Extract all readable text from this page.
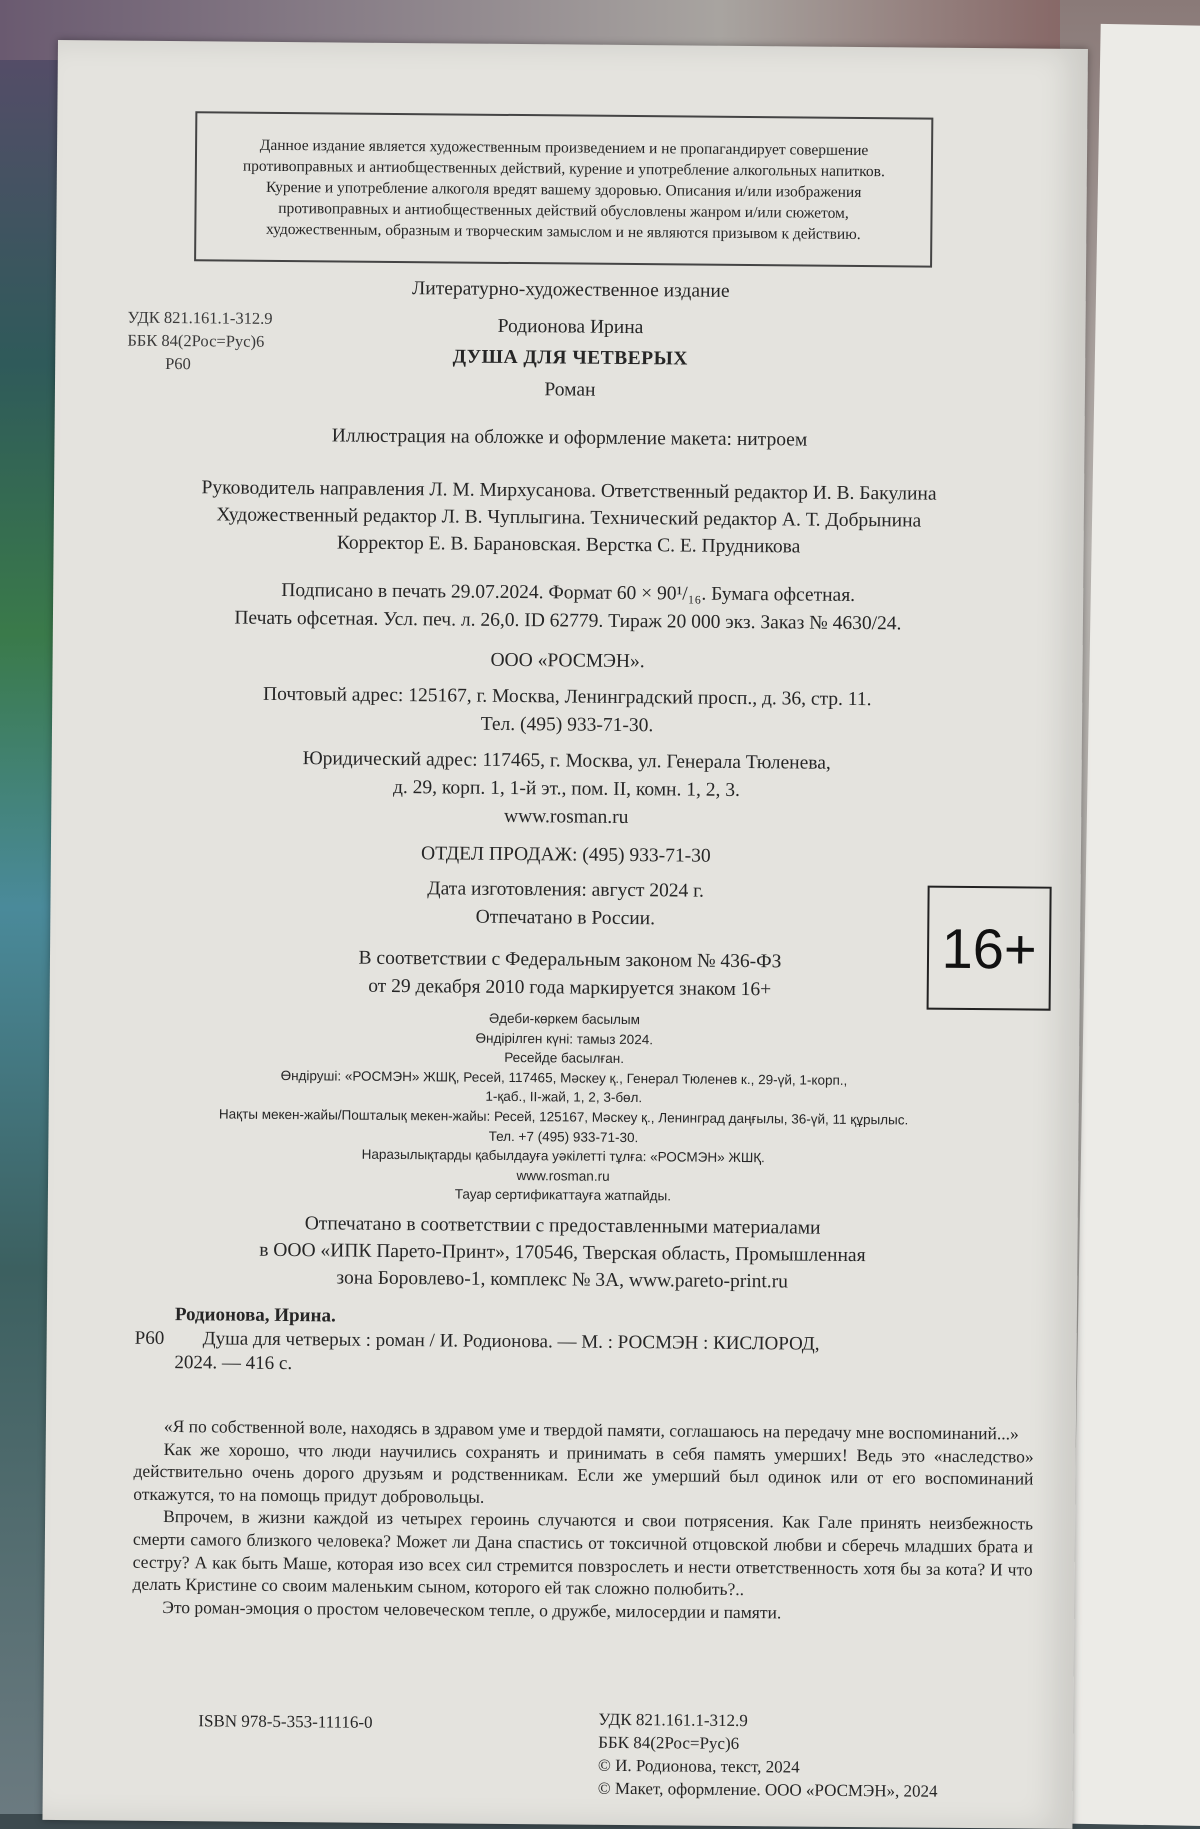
Данное издание является художественным произведением и не пропагандирует совершение
противоправных и антиобщественных действий, курение и употребление алкогольных напитков.
Курение и употребление алкоголя вредят вашему здоровью. Описания и/или изображения
противоправных и антиобщественных действий обусловлены жанром и/или сюжетом,
художественным, образным и творческим замыслом и не являются призывом к действию.
Литературно-художественное издание
УДК 821.161.1-312.9
ББК 84(2Рос=Рус)6
Р60
Родионова Ирина
ДУША ДЛЯ ЧЕТВЕРЫХ
Роман
Иллюстрация на обложке и оформление макета: нитроем
Руководитель направления Л. М. Мирхусанова. Ответственный редактор И. В. Бакулина
Художественный редактор Л. В. Чуплыгина. Технический редактор А. Т. Добрынина
Корректор Е. В. Барановская. Верстка С. Е. Прудникова
Подписано в печать 29.07.2024. Формат 60 × 90¹/₁₆. Бумага офсетная.
Печать офсетная. Усл. печ. л. 26,0. ID 62779. Тираж 20 000 экз. Заказ № 4630/24.
ООО «РОСМЭН».
Почтовый адрес: 125167, г. Москва, Ленинградский просп., д. 36, стр. 11.
Тел. (495) 933-71-30.
Юридический адрес: 117465, г. Москва, ул. Генерала Тюленева,
д. 29, корп. 1, 1-й эт., пом. II, комн. 1, 2, 3.
www.rosman.ru
ОТДЕЛ ПРОДАЖ: (495) 933-71-30
Дата изготовления: август 2024 г.
Отпечатано в России.
В соответствии с Федеральным законом № 436-ФЗ
от 29 декабря 2010 года маркируется знаком 16+
16+
Әдеби-көркем басылым
Өндірілген күні: тамыз 2024.
Ресейде басылған.
Өндіруші: «РОСМЭН» ЖШҚ, Ресей, 117465, Мәскеу қ., Генерал Тюленев к., 29-үй, 1-корп.,
1-қаб., II-жай, 1, 2, 3-бөл.
Нақты мекен-жайы/Пошталық мекен-жайы: Ресей, 125167, Мәскеу қ., Ленинград даңғылы, 36-үй, 11 құрылыс.
Тел. +7 (495) 933-71-30.
Наразылықтарды қабылдауға уәкілетті тұлға: «РОСМЭН» ЖШҚ.
www.rosman.ru
Тауар сертификаттауға жатпайды.
Отпечатано в соответствии с предоставленными материалами
в ООО «ИПК Парето-Принт», 170546, Тверская область, Промышленная
зона Боровлево-1, комплекс № 3А, www.pareto-print.ru
Родионова, Ирина.
Р60 Душа для четверых : роман / И. Родионова. — М. : РОСМЭН : КИСЛОРОД,
2024. — 416 с.

«Я по собственной воле, находясь в здравом уме и твердой памяти, соглашаюсь на передачу мне воспоминаний...»

Как же хорошо, что люди научились сохранять и принимать в себя память умерших! Ведь это «наследство» действительно очень дорого друзьям и родственникам. Если же умерший был одинок или от его воспоминаний откажутся, то на помощь придут добровольцы.

Впрочем, в жизни каждой из четырех героинь случаются и свои потрясения. Как Гале принять неизбежность смерти самого близкого человека? Может ли Дана спастись от токсичной отцовской любви и сберечь младших брата и сестру? А как быть Маше, которая изо всех сил стремится повзрослеть и нести ответственность хотя бы за кота? И что делать Кристине со своим маленьким сыном, которого ей так сложно полюбить?..

Это роман-эмоция о простом человеческом тепле, о дружбе, милосердии и памяти.

ISBN 978-5-353-11116-0	УДК 821.161.1-312.9
ББК 84(2Рос=Рус)6
© И. Родионова, текст, 2024
© Макет, оформление. ООО «РОСМЭН», 2024
